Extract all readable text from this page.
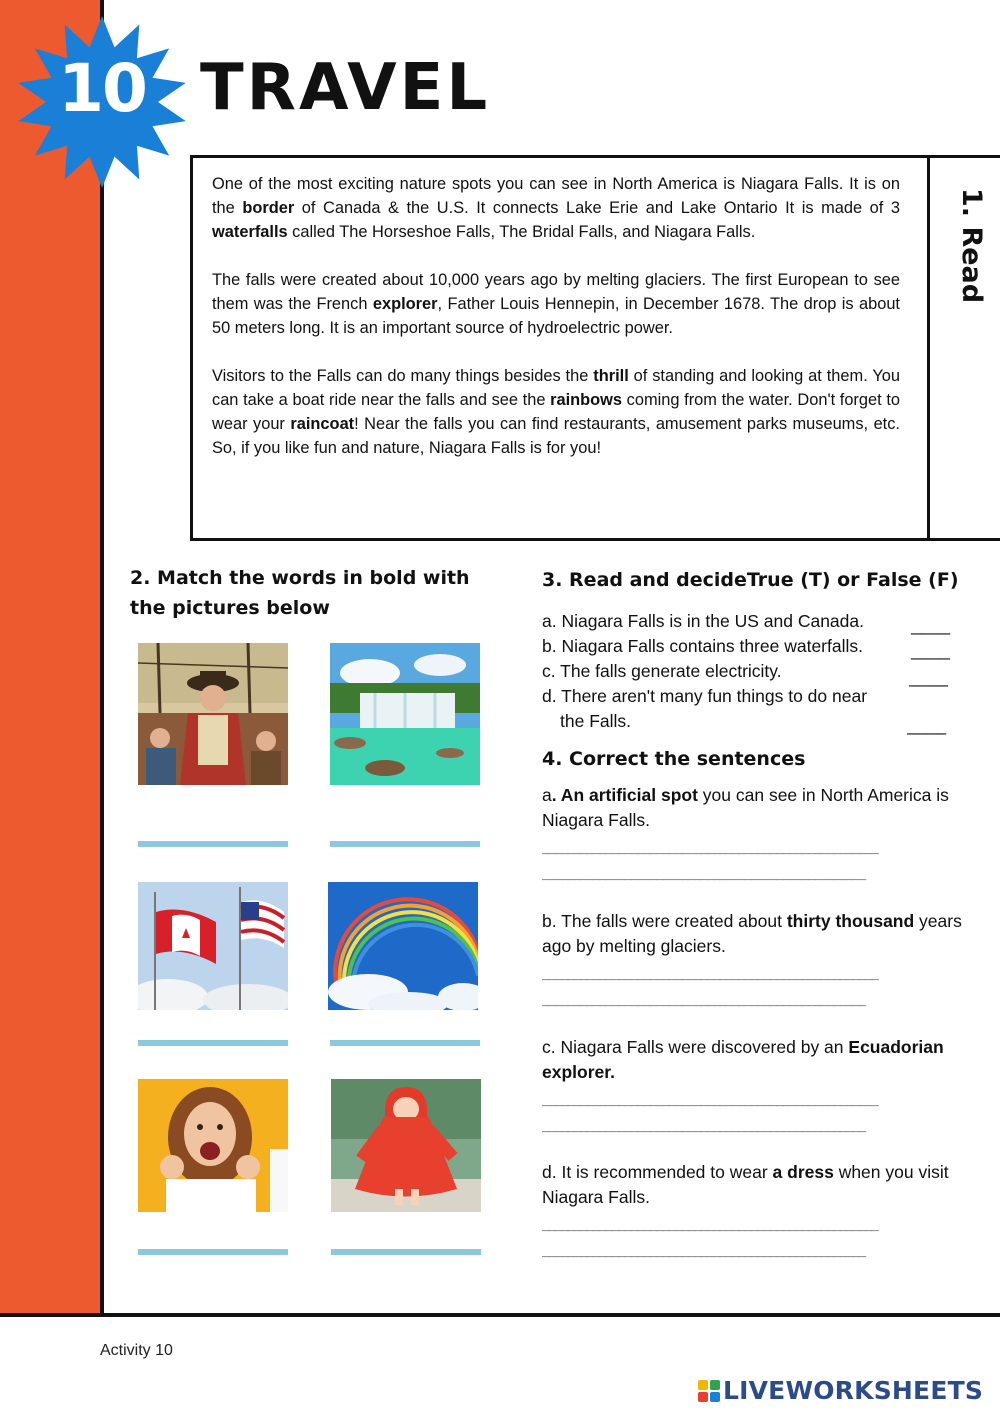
10 TRAVEL
1. Read

One of the most exciting nature spots you can see in North America is Niagara Falls. It is on the border of Canada & the U.S. It connects Lake Erie and Lake Ontario It is made of 3 waterfalls called The Horseshoe Falls, The Bridal Falls, and Niagara Falls.

The falls were created about 10,000 years ago by melting glaciers. The first European to see them was the French explorer, Father Louis Hennepin, in December 1678. The drop is about 50 meters long. It is an important source of hydroelectric power.

Visitors to the Falls can do many things besides the thrill of standing and looking at them. You can take a boat ride near the falls and see the rainbows coming from the water. Don't forget to wear your raincoat! Near the falls you can find restaurants, amusement parks museums, etc. So, if you like fun and nature, Niagara Falls is for you!

2. Match the words in bold with the pictures below
3. Read and decideTrue (T) or False (F)
a. Niagara Falls is in the US and Canada.	____
b. Niagara Falls contains three waterfalls.	____
c. The falls generate electricity.	____
d. There aren't many fun things to do near
the Falls.	____
4. Correct the sentences
a. An artificial spot you can see in North America is Niagara Falls.
_____________________________________________________
___________________________________________________
b. The falls were created about thirty thousand years ago by melting glaciers.
_____________________________________________________
___________________________________________________
c. Niagara Falls were discovered by an Ecuadorian explorer.
_____________________________________________________
___________________________________________________
d. It is recommended to wear a dress when you visit Niagara Falls.
_____________________________________________________
___________________________________________________
Activity 10
LIVEWORKSHEETS
